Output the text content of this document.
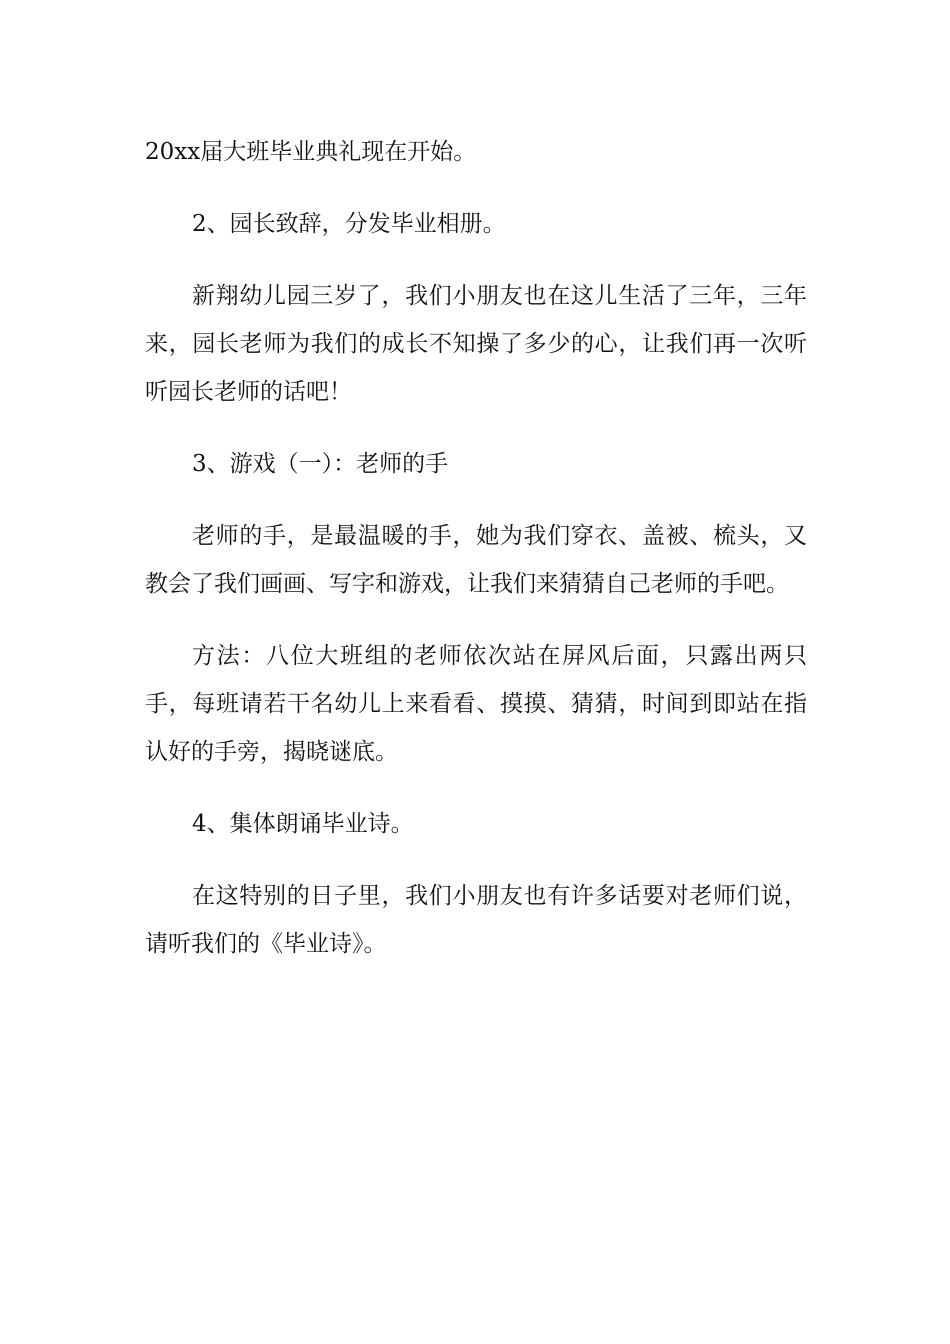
20xx届大班毕业典礼现在开始。

2、园长致辞，分发毕业相册。

新翔幼儿园三岁了，我们小朋友也在这儿生活了三年，三年来，园长老师为我们的成长不知操了多少的心，让我们再一次听听园长老师的话吧！

3、游戏（一）：老师的手

老师的手，是最温暖的手，她为我们穿衣、盖被、梳头，又教会了我们画画、写字和游戏，让我们来猜猜自己老师的手吧。

方法：八位大班组的老师依次站在屏风后面，只露出两只手，每班请若干名幼儿上来看看、摸摸、猜猜，时间到即站在指认好的手旁，揭晓谜底。

4、集体朗诵毕业诗。

在这特别的日子里，我们小朋友也有许多话要对老师们说，请听我们的《毕业诗》。
